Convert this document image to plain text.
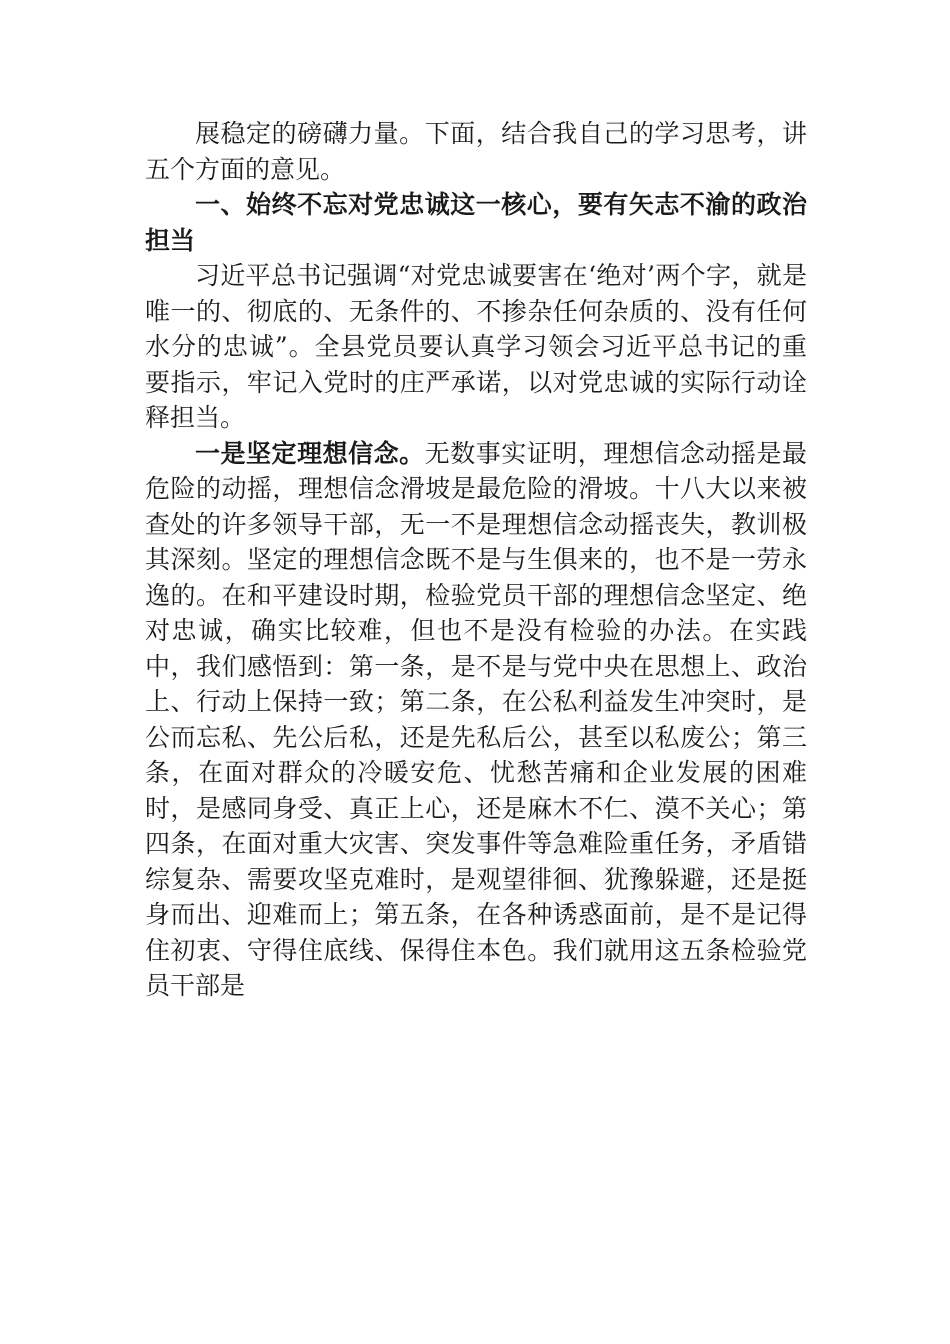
展稳定的磅礴力量。下面，结合我自己的学习思考，讲五个方面的意见。

一、始终不忘对党忠诚这一核心，要有矢志不渝的政治担当

习近平总书记强调“对党忠诚要害在‘绝对’两个字，就是唯一的、彻底的、无条件的、不掺杂任何杂质的、没有任何水分的忠诚”。全县党员要认真学习领会习近平总书记的重要指示，牢记入党时的庄严承诺，以对党忠诚的实际行动诠释担当。

一是坚定理想信念。无数事实证明，理想信念动摇是最危险的动摇，理想信念滑坡是最危险的滑坡。十八大以来被查处的许多领导干部，无一不是理想信念动摇丧失，教训极其深刻。坚定的理想信念既不是与生俱来的，也不是一劳永逸的。在和平建设时期，检验党员干部的理想信念坚定、绝对忠诚，确实比较难，但也不是没有检验的办法。在实践中，我们感悟到：第一条，是不是与党中央在思想上、政治上、行动上保持一致；第二条，在公私利益发生冲突时，是公而忘私、先公后私，还是先私后公，甚至以私废公；第三条，在面对群众的冷暖安危、忧愁苦痛和企业发展的困难时，是感同身受、真正上心，还是麻木不仁、漠不关心；第四条，在面对重大灾害、突发事件等急难险重任务，矛盾错综复杂、需要攻坚克难时，是观望徘徊、犹豫躲避，还是挺身而出、迎难而上；第五条，在各种诱惑面前，是不是记得住初衷、守得住底线、保得住本色。我们就用这五条检验党员干部是
